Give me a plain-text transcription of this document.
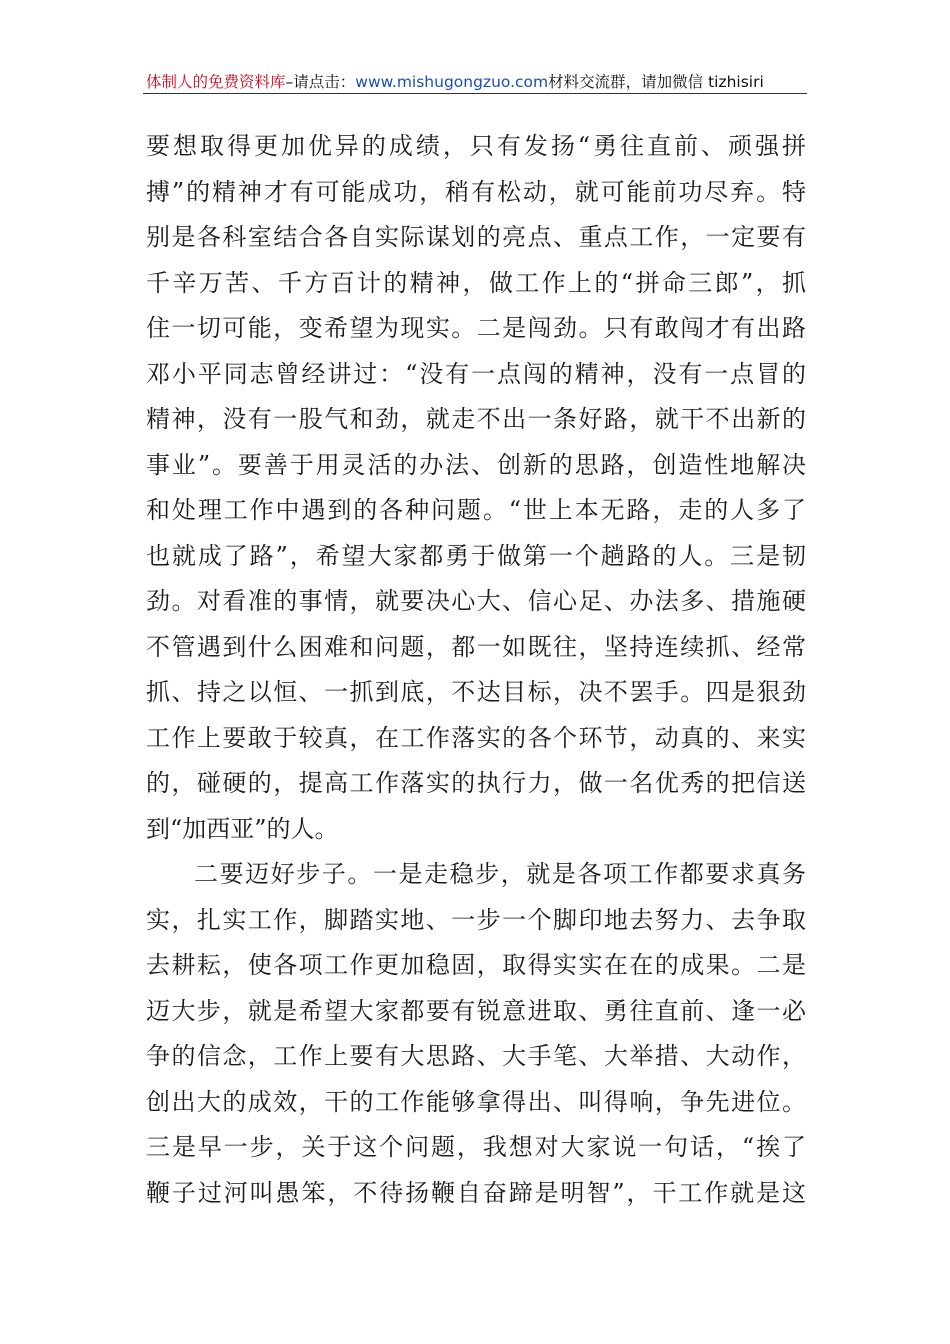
体制人的免费资料库–请点击：www.mishugongzuo.com材料交流群，请加微信 tizhisiri
要想取得更加优异的成绩，只有发扬“勇往直前、顽强拼
搏”的精神才有可能成功，稍有松动，就可能前功尽弃。特
别是各科室结合各自实际谋划的亮点、重点工作，一定要有
千辛万苦、千方百计的精神，做工作上的“拼命三郎”，抓
住一切可能，变希望为现实。二是闯劲。只有敢闯才有出路
邓小平同志曾经讲过：“没有一点闯的精神，没有一点冒的
精神，没有一股气和劲，就走不出一条好路，就干不出新的
事业”。要善于用灵活的办法、创新的思路，创造性地解决
和处理工作中遇到的各种问题。“世上本无路，走的人多了
也就成了路”，希望大家都勇于做第一个趟路的人。三是韧
劲。对看准的事情，就要决心大、信心足、办法多、措施硬
不管遇到什么困难和问题，都一如既往，坚持连续抓、经常
抓、持之以恒、一抓到底，不达目标，决不罢手。四是狠劲
工作上要敢于较真，在工作落实的各个环节，动真的、来实
的，碰硬的，提高工作落实的执行力，做一名优秀的把信送
到“加西亚”的人。
二要迈好步子。一是走稳步，就是各项工作都要求真务
实，扎实工作，脚踏实地、一步一个脚印地去努力、去争取
去耕耘，使各项工作更加稳固，取得实实在在的成果。二是
迈大步，就是希望大家都要有锐意进取、勇往直前、逢一必
争的信念，工作上要有大思路、大手笔、大举措、大动作，
创出大的成效，干的工作能够拿得出、叫得响，争先进位。
三是早一步，关于这个问题，我想对大家说一句话，“挨了
鞭子过河叫愚笨，不待扬鞭自奋蹄是明智”，干工作就是这
